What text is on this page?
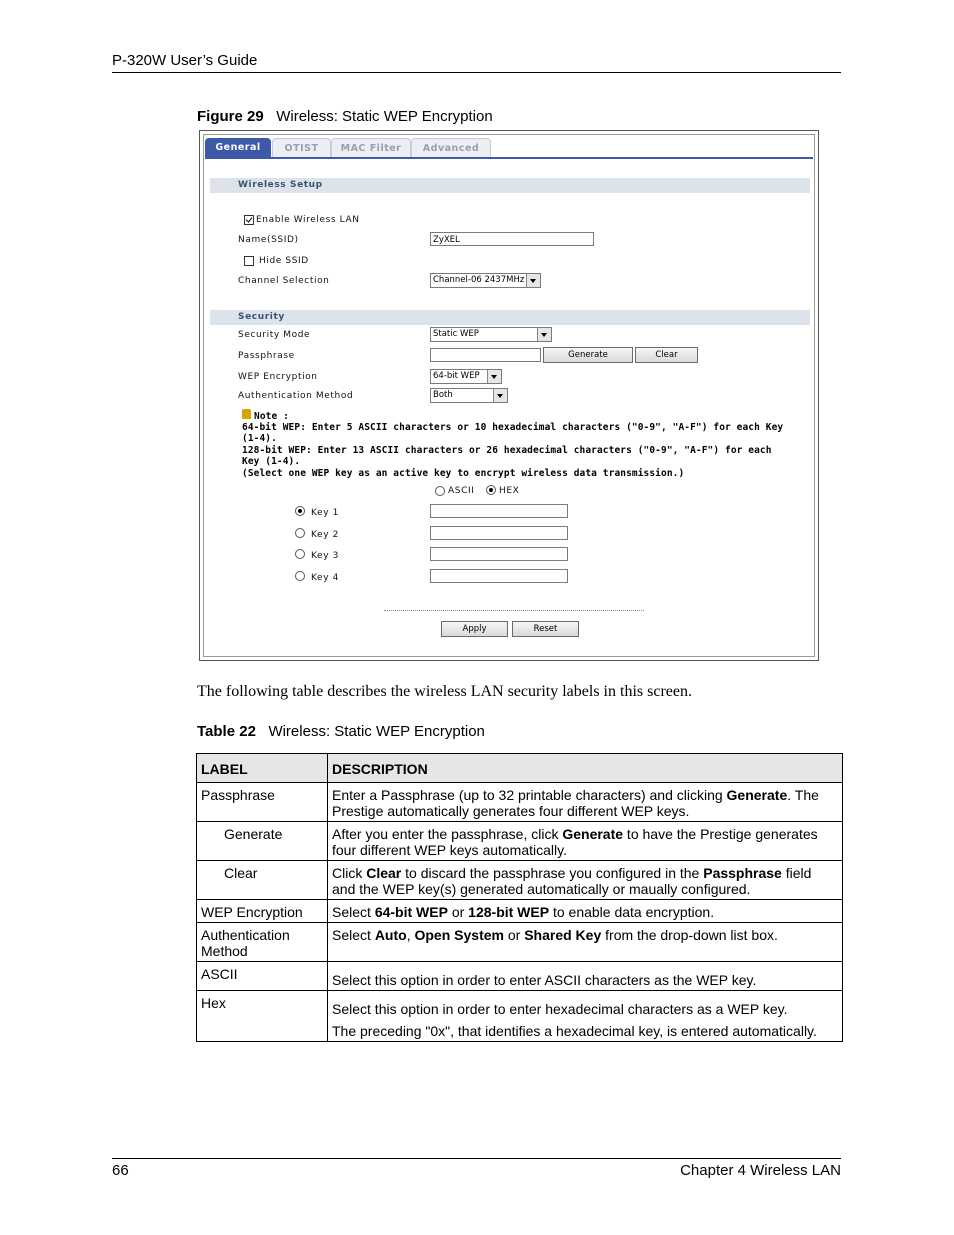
P-320W User’s Guide
Figure 29 Wireless: Static WEP Encryption
General	OTIST	MAC Filter	Advanced
Wireless Setup
Enable Wireless LAN
Name(SSID)	ZyXEL
Hide SSID
Channel Selection	Channel-06 2437MHz
Security
Security Mode	Static WEP
Passphrase	Generate	Clear
WEP Encryption	64-bit WEP
Authentication Method	Both
Note :
64-bit WEP: Enter 5 ASCII characters or 10 hexadecimal characters ("0-9", "A-F") for each Key
(1-4).
128-bit WEP: Enter 13 ASCII characters or 26 hexadecimal characters ("0-9", "A-F") for each
Key (1-4).
(Select one WEP key as an active key to encrypt wireless data transmission.)
ASCII	HEX
Key 1
Key 2
Key 3
Key 4
Apply	Reset
The following table describes the wireless LAN security labels in this screen.
Table 22 Wireless: Static WEP Encryption
LABEL	DESCRIPTION
Passphrase	Enter a Passphrase (up to 32 printable characters) and clicking Generate. The Prestige automatically generates four different WEP keys.

Generate	After you enter the passphrase, click Generate to have the Prestige generates four different WEP keys automatically.

Clear	Click Clear to discard the passphrase you configured in the Passphrase field and the WEP key(s) generated automatically or maually configured.

WEP Encryption	Select 64-bit WEP or 128-bit WEP to enable data encryption.

Authentication Method	Select Auto, Open System or Shared Key from the drop-down list box.

ASCII	Select this option in order to enter ASCII characters as the WEP key.

Hex	Select this option in order to enter hexadecimal characters as a WEP key.
The preceding "0x", that identifies a hexadecimal key, is entered automatically.
66	Chapter 4 Wireless LAN
